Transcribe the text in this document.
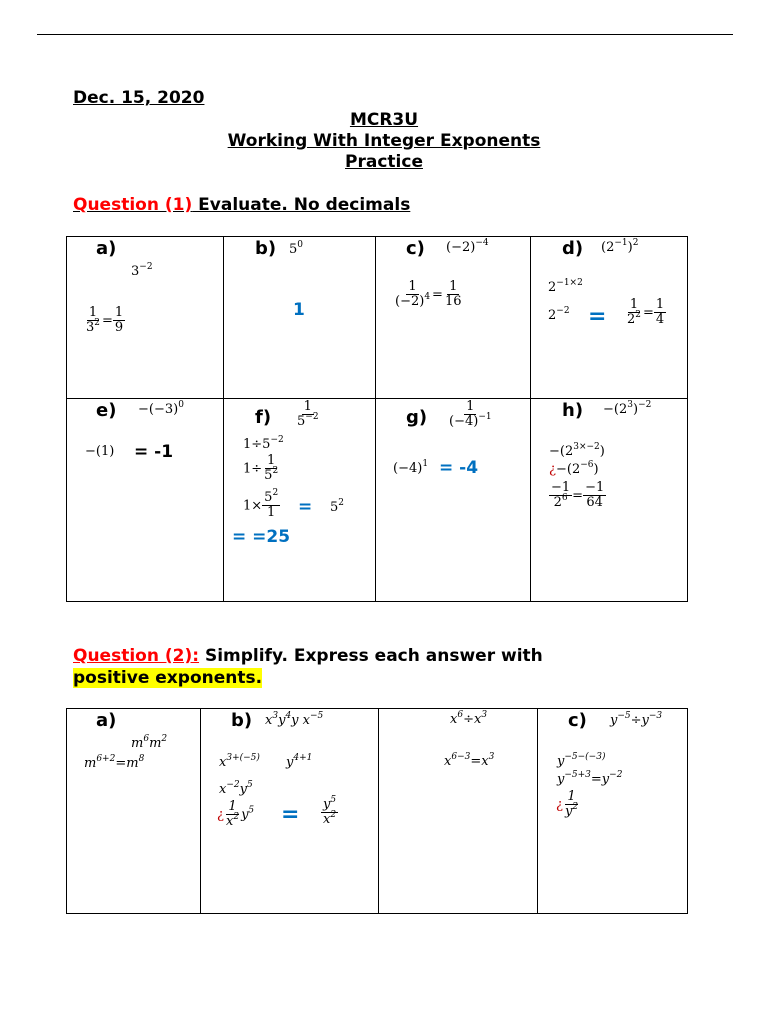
Dec. 15, 2020
MCR3U
Working With Integer Exponents
Practice
Question (1) Evaluate. No decimals
a)
$3^{-2}$
$\frac{1}{3^2} = \frac{1}{9}$
b) $5^0$
1
c) $(-2)^{-4}$
$\frac{1}{(-2)^4} = \frac{1}{16}$
d) $(2^{-1})^2$
$2^{-1\times 2}$
$2^{-2} = \frac{1}{2^2} = \frac{1}{4}$
$e) -(-3)^0$
−(1) = -1
$f) \frac{1}{5^{-2}}$
$1\div 5^{-2}$
$1\div \frac{1}{5^2}$
$1\times \frac{5^2}{1} = 5^2$
= =25
$g) \frac{1}{(-4)^{-1}}$
$(-4)^1 = -4$
$h) -(2^3)^{-2}$
$-(2^{3\times-2})$
¿$-(2^{-6})$
$\frac{-1}{2^6} = \frac{-1}{64}$
Question (2): Simplify. Express each answer with
positive exponents.
a)
$m^6m^2$
$m^{6+2}=m^8$
b) $x^3y^4y$ $x^{-5}$
$x^{3+(-5)}$ $y^{4+1}$
$x^{-2}y^5$
¿ $\frac{1}{x^2} y^5 = \frac{y^5}{x^2}$
$x^6\div x^3$
$x^{6-3}=x^3$
c) $y^{-5}\div y^{-3}$
$y^{-5-(-3)}$
$y^{-5+3}=y^{-2}$
¿ $\frac{1}{y^2}$
